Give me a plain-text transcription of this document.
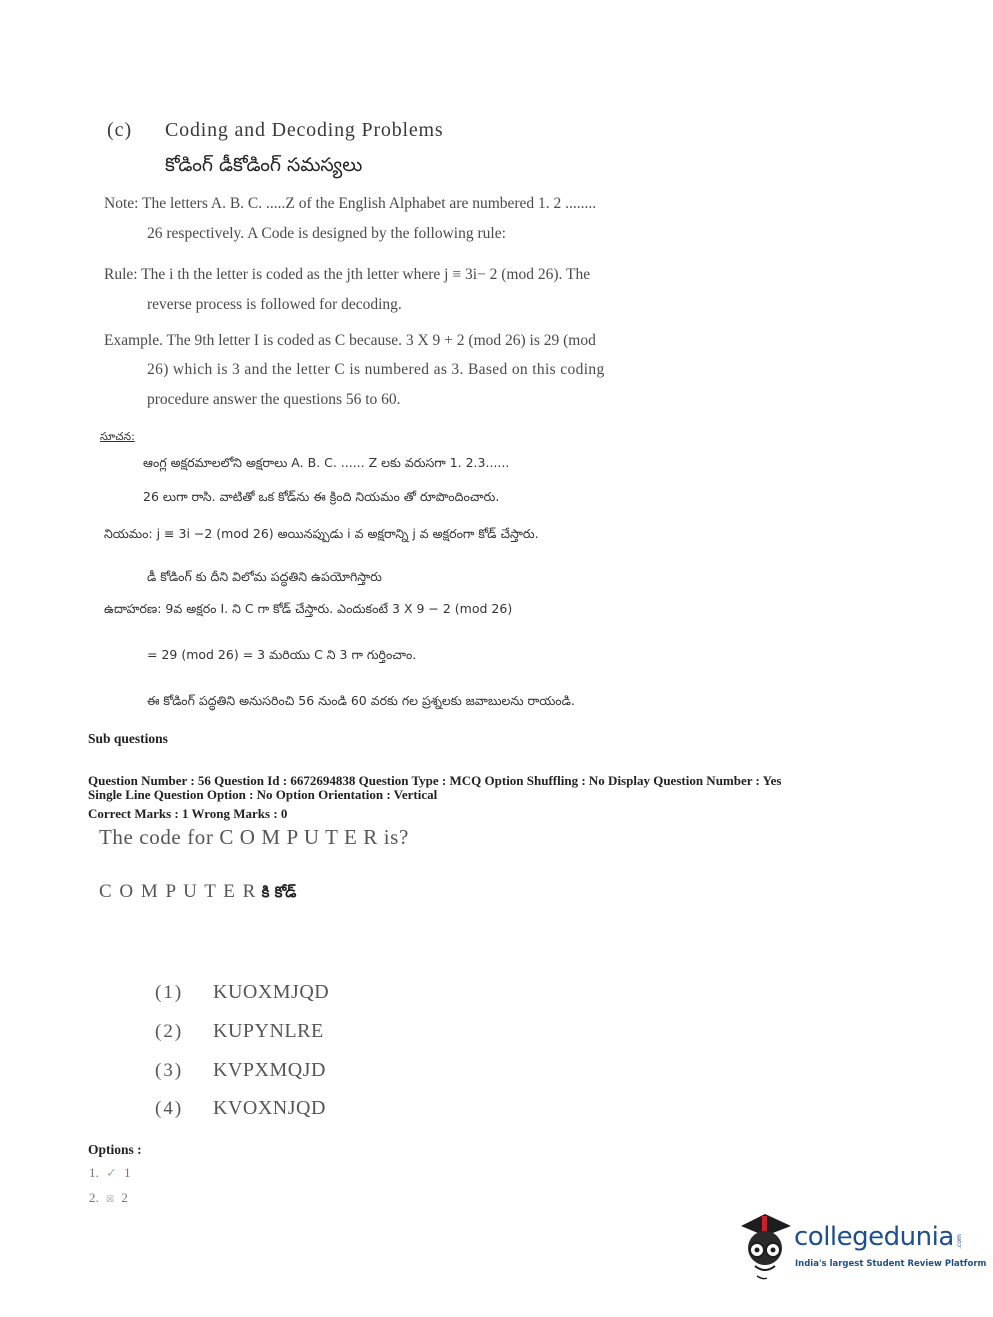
(c) Coding and Decoding Problems
కోడింగ్ డీకోడింగ్ సమస్యలు
Note: The letters A. B. C. .....Z of the English Alphabet are numbered 1. 2 ........
26 respectively. A Code is designed by the following rule:
Rule: The i th the letter is coded as the jth letter where j ≡ 3i− 2 (mod 26). The
reverse process is followed for decoding.
Example. The 9th letter I is coded as C because. 3 X 9 + 2 (mod 26) is 29 (mod
26) which is 3 and the letter C is numbered as 3. Based on this coding
procedure answer the questions 56 to 60.
సూచన:
ఆంగ్ల అక్షరమాలలోని అక్షరాలు A. B. C. ...... Z లకు వరుసగా 1. 2.3......
26 లుగా రాసి. వాటితో ఒక కోడ్‌ను ఈ క్రింది నియమం తో రూపొందించారు.
నియమం: j ≡ 3i −2 (mod 26) అయినప్పుడు i వ అక్షరాన్ని j వ అక్షరంగా కోడ్ చేస్తారు.
డీ కోడింగ్ కు దీని విలోమ పద్ధతిని ఉపయోగిస్తారు
ఉదాహరణ: 9వ అక్షరం I. ని C గా కోడ్ చేస్తారు. ఎందుకంటే 3 X 9 − 2 (mod 26)
= 29 (mod 26) = 3 మరియు C ని 3 గా గుర్తించాం.
ఈ కోడింగ్ పద్ధతిని అనుసరించి 56 నుండి 60 వరకు గల ప్రశ్నలకు జవాబులను రాయండి.
Sub questions
Question Number : 56 Question Id : 6672694838 Question Type : MCQ Option Shuffling : No Display Question Number : Yes
Single Line Question Option : No Option Orientation : Vertical
Correct Marks : 1 Wrong Marks : 0
The code for C O M P U T E R is?
C O M P U T E R కి కోడ్
(1) KUOXMJQD
(2) KUPYNLRE
(3) KVPXMQJD
(4) KVOXNJQD
Options :
1. ✓ 1
2. ☒ 2
collegedunia .com
India's largest Student Review Platform
